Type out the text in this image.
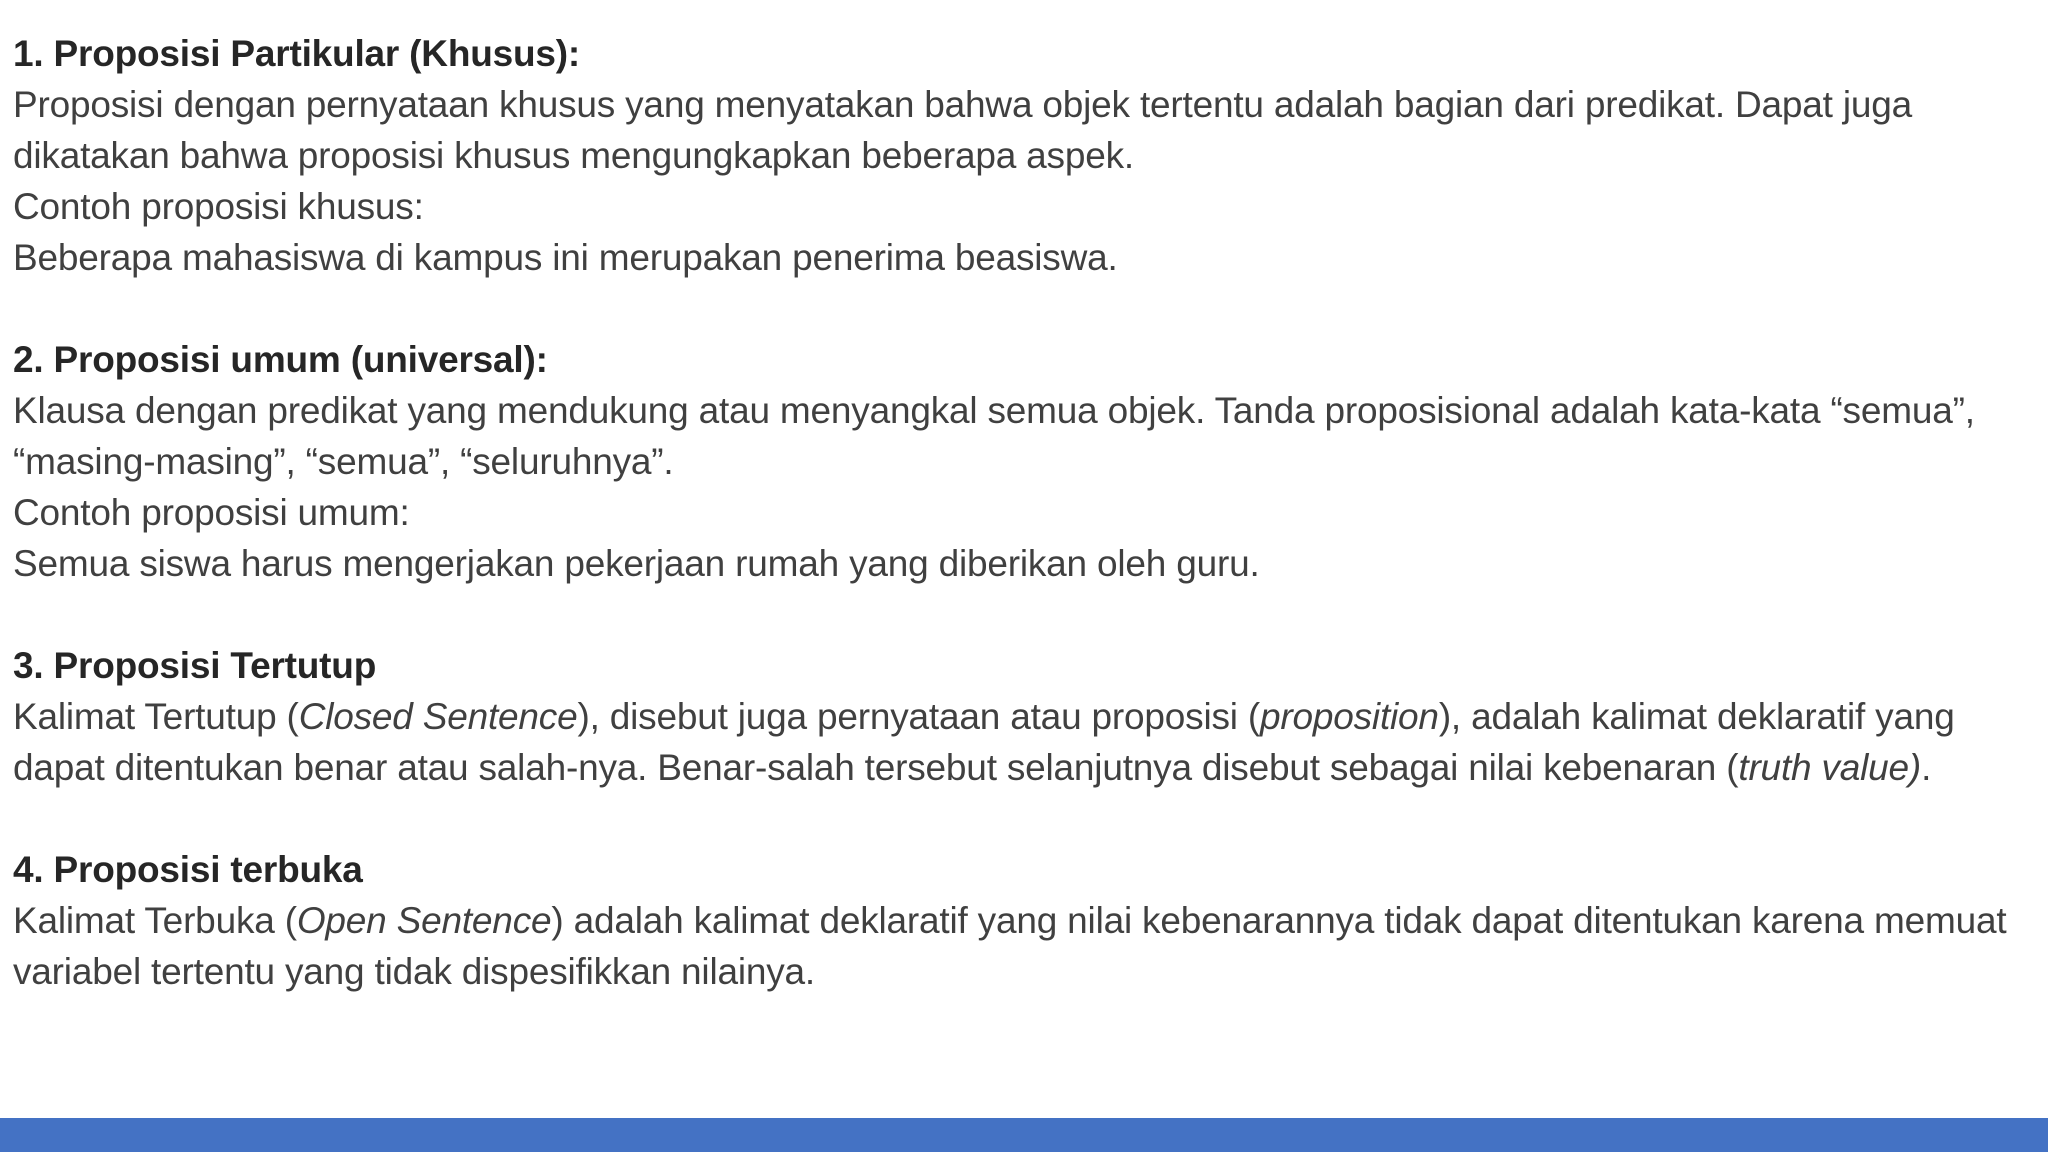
1. Proposisi Partikular (Khusus):

Proposisi dengan pernyataan khusus yang menyatakan bahwa objek tertentu adalah bagian dari predikat. Dapat juga dikatakan bahwa proposisi khusus mengungkapkan beberapa aspek.

Contoh proposisi khusus:

Beberapa mahasiswa di kampus ini merupakan penerima beasiswa.

2. Proposisi umum (universal):

Klausa dengan predikat yang mendukung atau menyangkal semua objek. Tanda proposisional adalah kata-kata “semua”, “masing-masing”, “semua”, “seluruhnya”.

Contoh proposisi umum:

Semua siswa harus mengerjakan pekerjaan rumah yang diberikan oleh guru.

3. Proposisi Tertutup

Kalimat Tertutup (Closed Sentence), disebut juga pernyataan atau proposisi (proposition), adalah kalimat deklaratif yang dapat ditentukan benar atau salah-nya. Benar-salah tersebut selanjutnya disebut sebagai nilai kebenaran (truth value).

4. Proposisi terbuka

Kalimat Terbuka (Open Sentence) adalah kalimat deklaratif yang nilai kebenarannya tidak dapat ditentukan karena memuat variabel tertentu yang tidak dispesifikkan nilainya.
